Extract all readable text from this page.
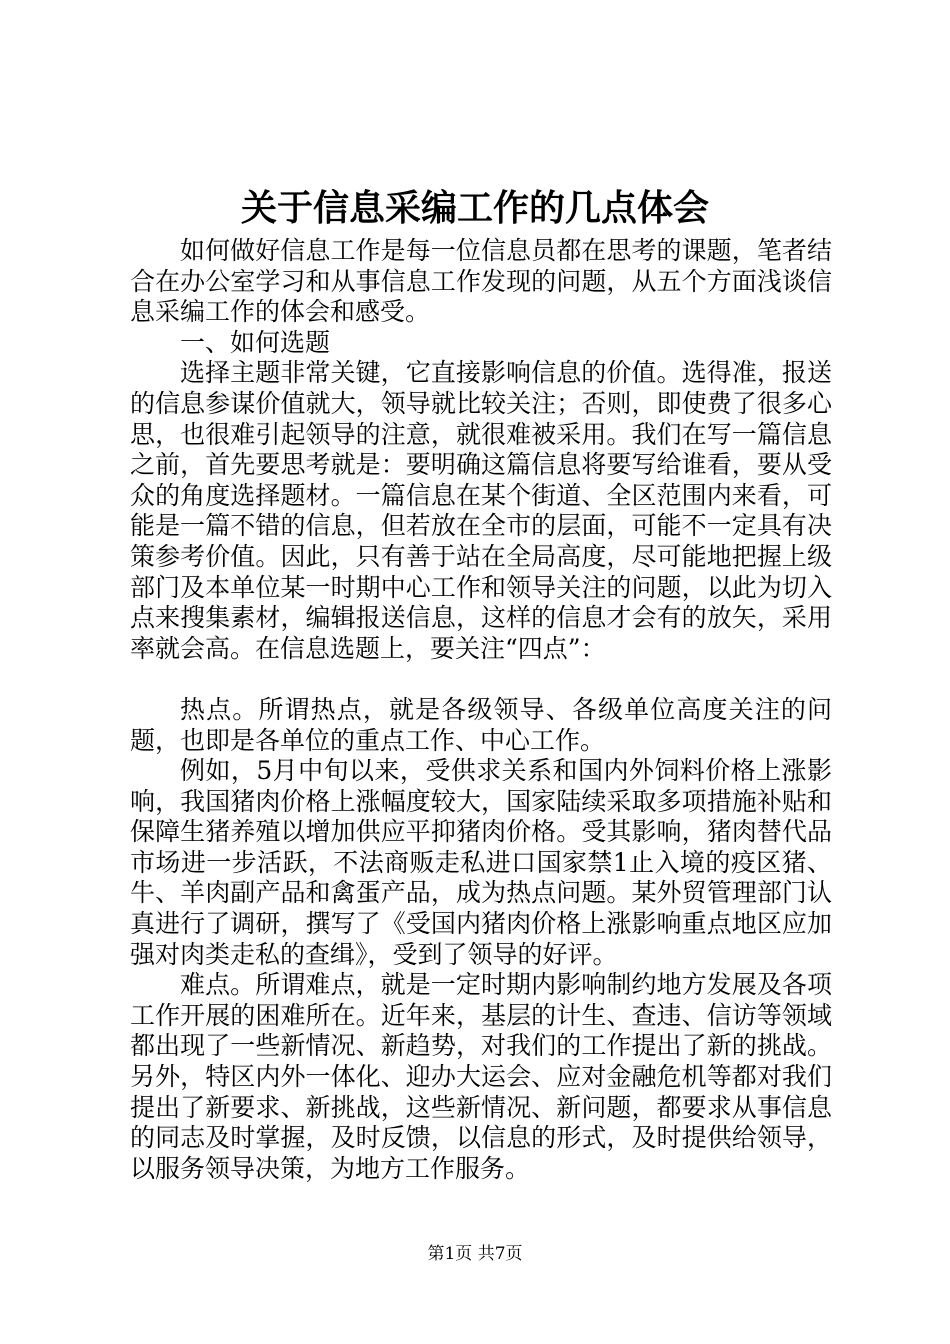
关于信息采编工作的几点体会

如何做好信息工作是每一位信息员都在思考的课题，笔者结合在办公室学习和从事信息工作发现的问题，从五个方面浅谈信息采编工作的体会和感受。

一、如何选题

选择主题非常关键，它直接影响信息的价值。选得准，报送的信息参谋价值就大，领导就比较关注；否则，即使费了很多心思，也很难引起领导的注意，就很难被采用。我们在写一篇信息之前，首先要思考就是：要明确这篇信息将要写给谁看，要从受众的角度选择题材。一篇信息在某个街道、全区范围内来看，可能是一篇不错的信息，但若放在全市的层面，可能不一定具有决策参考价值。因此，只有善于站在全局高度，尽可能地把握上级部门及本单位某一时期中心工作和领导关注的问题，以此为切入点来搜集素材，编辑报送信息，这样的信息才会有的放矢，采用率就会高。在信息选题上，要关注“四点”：

热点。所谓热点，就是各级领导、各级单位高度关注的问题，也即是各单位的重点工作、中心工作。

例如，5月中旬以来，受供求关系和国内外饲料价格上涨影响，我国猪肉价格上涨幅度较大，国家陆续采取多项措施补贴和保障生猪养殖以增加供应平抑猪肉价格。受其影响，猪肉替代品市场进一步活跃，不法商贩走私进口国家禁1止入境的疫区猪、牛、羊肉副产品和禽蛋产品，成为热点问题。某外贸管理部门认真进行了调研，撰写了《受国内猪肉价格上涨影响重点地区应加强对肉类走私的查缉》，受到了领导的好评。

难点。所谓难点，就是一定时期内影响制约地方发展及各项工作开展的困难所在。近年来，基层的计生、查违、信访等领域都出现了一些新情况、新趋势，对我们的工作提出了新的挑战。另外，特区内外一体化、迎办大运会、应对金融危机等都对我们提出了新要求、新挑战，这些新情况、新问题，都要求从事信息的同志及时掌握，及时反馈，以信息的形式，及时提供给领导，以服务领导决策，为地方工作服务。

第1页 共7页
